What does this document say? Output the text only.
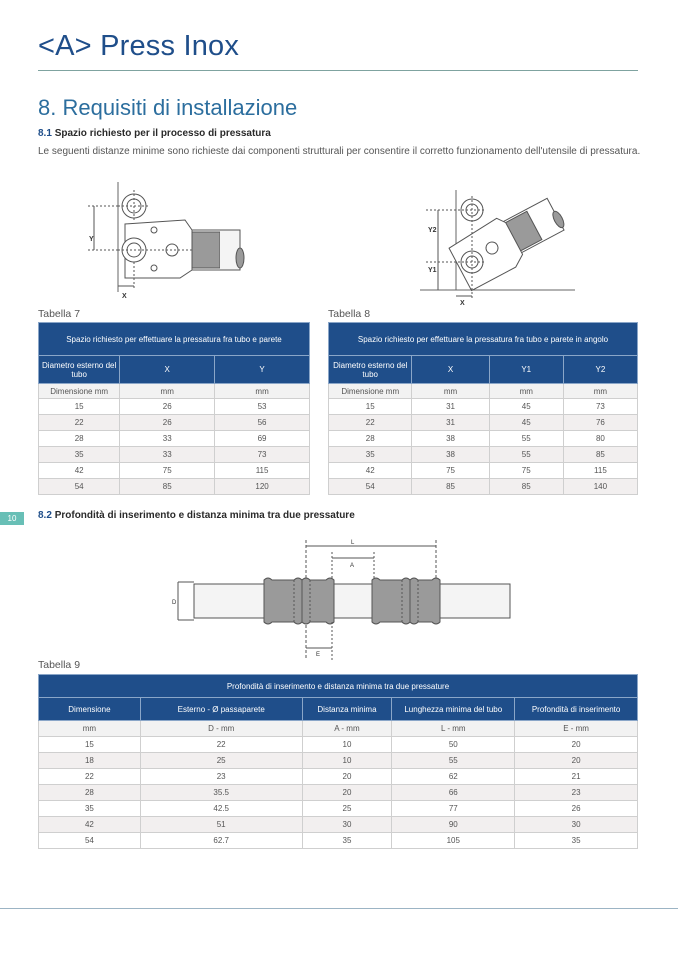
<A> Press Inox
8. Requisiti di installazione
8.1 Spazio richiesto per il processo di pressatura
Le seguenti distanze minime sono richieste dai componenti strutturali per consentire il corretto funzionamento dell'utensile di pressatura.
Y
X
Y2
Y1
X
Tabella 7
Spazio richiesto per effettuare la pressatura fra tubo e parete		
Diametro esterno del tubo	X	Y
Dimensione mm	mm	mm
15	26	53
22	26	56
28	33	69
35	33	73
42	75	115
54	85	120
Tabella 8
Spazio richiesto per effettuare la pressatura fra tubo e parete in angolo			
Diametro esterno del tubo	X	Y1	Y2
Dimensione mm	mm	mm	mm
15	31	45	73
22	31	45	76
28	38	55	80
35	38	55	85
42	75	75	115
54	85	85	140
10	8.2 Profondità di inserimento e distanza minima tra due pressature
L
A
D
E
Tabella 9
Profondità di inserimento e distanza minima tra due pressature				
Dimensione	Esterno - Ø passaparete	Distanza minima	Lunghezza minima del tubo	Profondità di inserimento
mm	D - mm	A - mm	L - mm	E - mm
15	22	10	50	20
18	25	10	55	20
22	23	20	62	21
28	35.5	20	66	23
35	42.5	25	77	26
42	51	30	90	30
54	62.7	35	105	35
